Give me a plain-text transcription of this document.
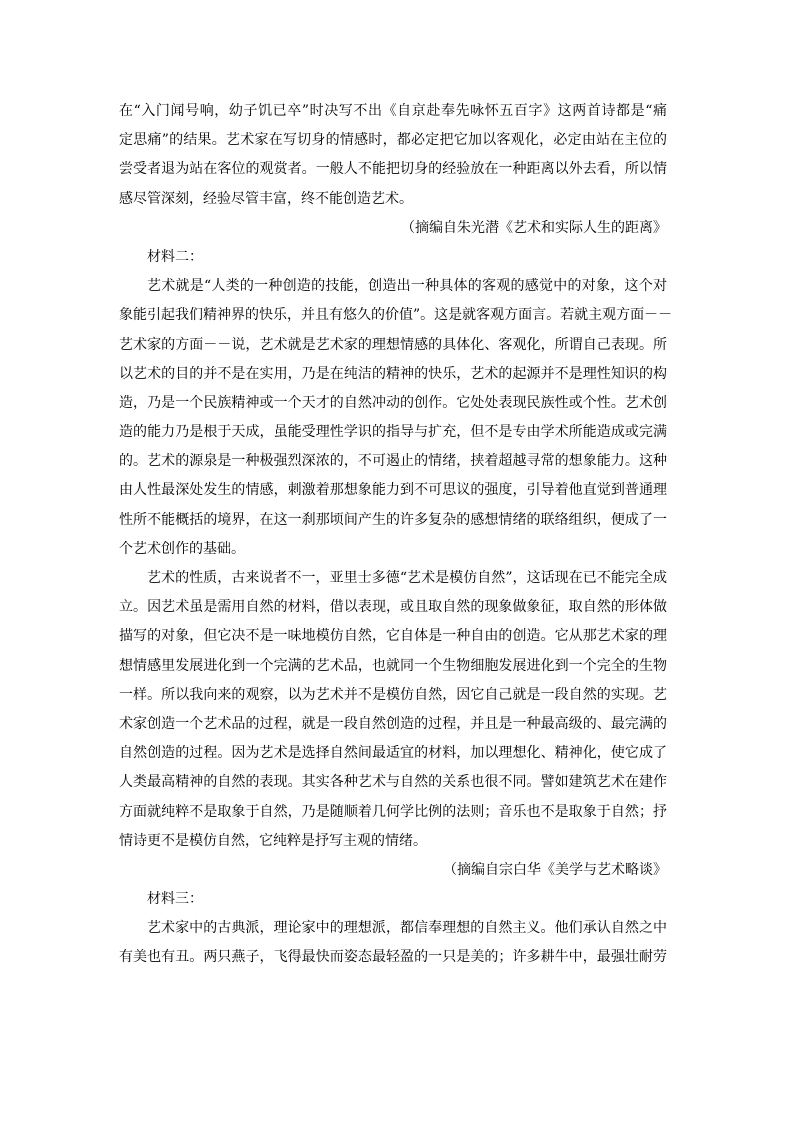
在“入门闻号响，幼子饥已卒”时决写不出《自京赴奉先咏怀五百字》这两首诗都是“痛
定思痛”的结果。艺术家在写切身的情感时，都必定把它加以客观化，必定由站在主位的
尝受者退为站在客位的观赏者。一般人不能把切身的经验放在一种距离以外去看，所以情
感尽管深刻，经验尽管丰富，终不能创造艺术。
（摘编自朱光潜《艺术和实际人生的距离》
材料二：
艺术就是“人类的一种创造的技能，创造出一种具体的客观的感觉中的对象，这个对
象能引起我们精神界的快乐，并且有悠久的价值”。这是就客观方面言。若就主观方面－－
艺术家的方面－－说，艺术就是艺术家的理想情感的具体化、客观化，所谓自己表现。所
以艺术的目的并不是在实用，乃是在纯洁的精神的快乐，艺术的起源并不是理性知识的构
造，乃是一个民族精神或一个天才的自然冲动的创作。它处处表现民族性或个性。艺术创
造的能力乃是根于天成，虽能受理性学识的指导与扩充，但不是专由学术所能造成或完满
的。艺术的源泉是一种极强烈深浓的，不可遏止的情绪，挟着超越寻常的想象能力。这种
由人性最深处发生的情感，刺激着那想象能力到不可思议的强度，引导着他直觉到普通理
性所不能概括的境界，在这一刹那顷间产生的许多复杂的感想情绪的联络组织，便成了一
个艺术创作的基础。
艺术的性质，古来说者不一，亚里士多德“艺术是模仿自然”，这话现在已不能完全成
立。因艺术虽是需用自然的材料，借以表现，或且取自然的现象做象征，取自然的形体做
描写的对象，但它决不是一味地模仿自然，它自体是一种自由的创造。它从那艺术家的理
想情感里发展进化到一个完满的艺术品，也就同一个生物细胞发展进化到一个完全的生物
一样。所以我向来的观察，以为艺术并不是模仿自然，因它自己就是一段自然的实现。艺
术家创造一个艺术品的过程，就是一段自然创造的过程，并且是一种最高级的、最完满的
自然创造的过程。因为艺术是选择自然间最适宜的材料，加以理想化、精神化，使它成了
人类最高精神的自然的表现。其实各种艺术与自然的关系也很不同。譬如建筑艺术在建作
方面就纯粹不是取象于自然，乃是随顺着几何学比例的法则；音乐也不是取象于自然；抒
情诗更不是模仿自然，它纯粹是抒写主观的情绪。
（摘编自宗白华《美学与艺术略谈》
材料三：
艺术家中的古典派，理论家中的理想派，都信奉理想的自然主义。他们承认自然之中
有美也有丑。两只燕子，飞得最快而姿态最轻盈的一只是美的；许多耕牛中，最强壮耐劳
